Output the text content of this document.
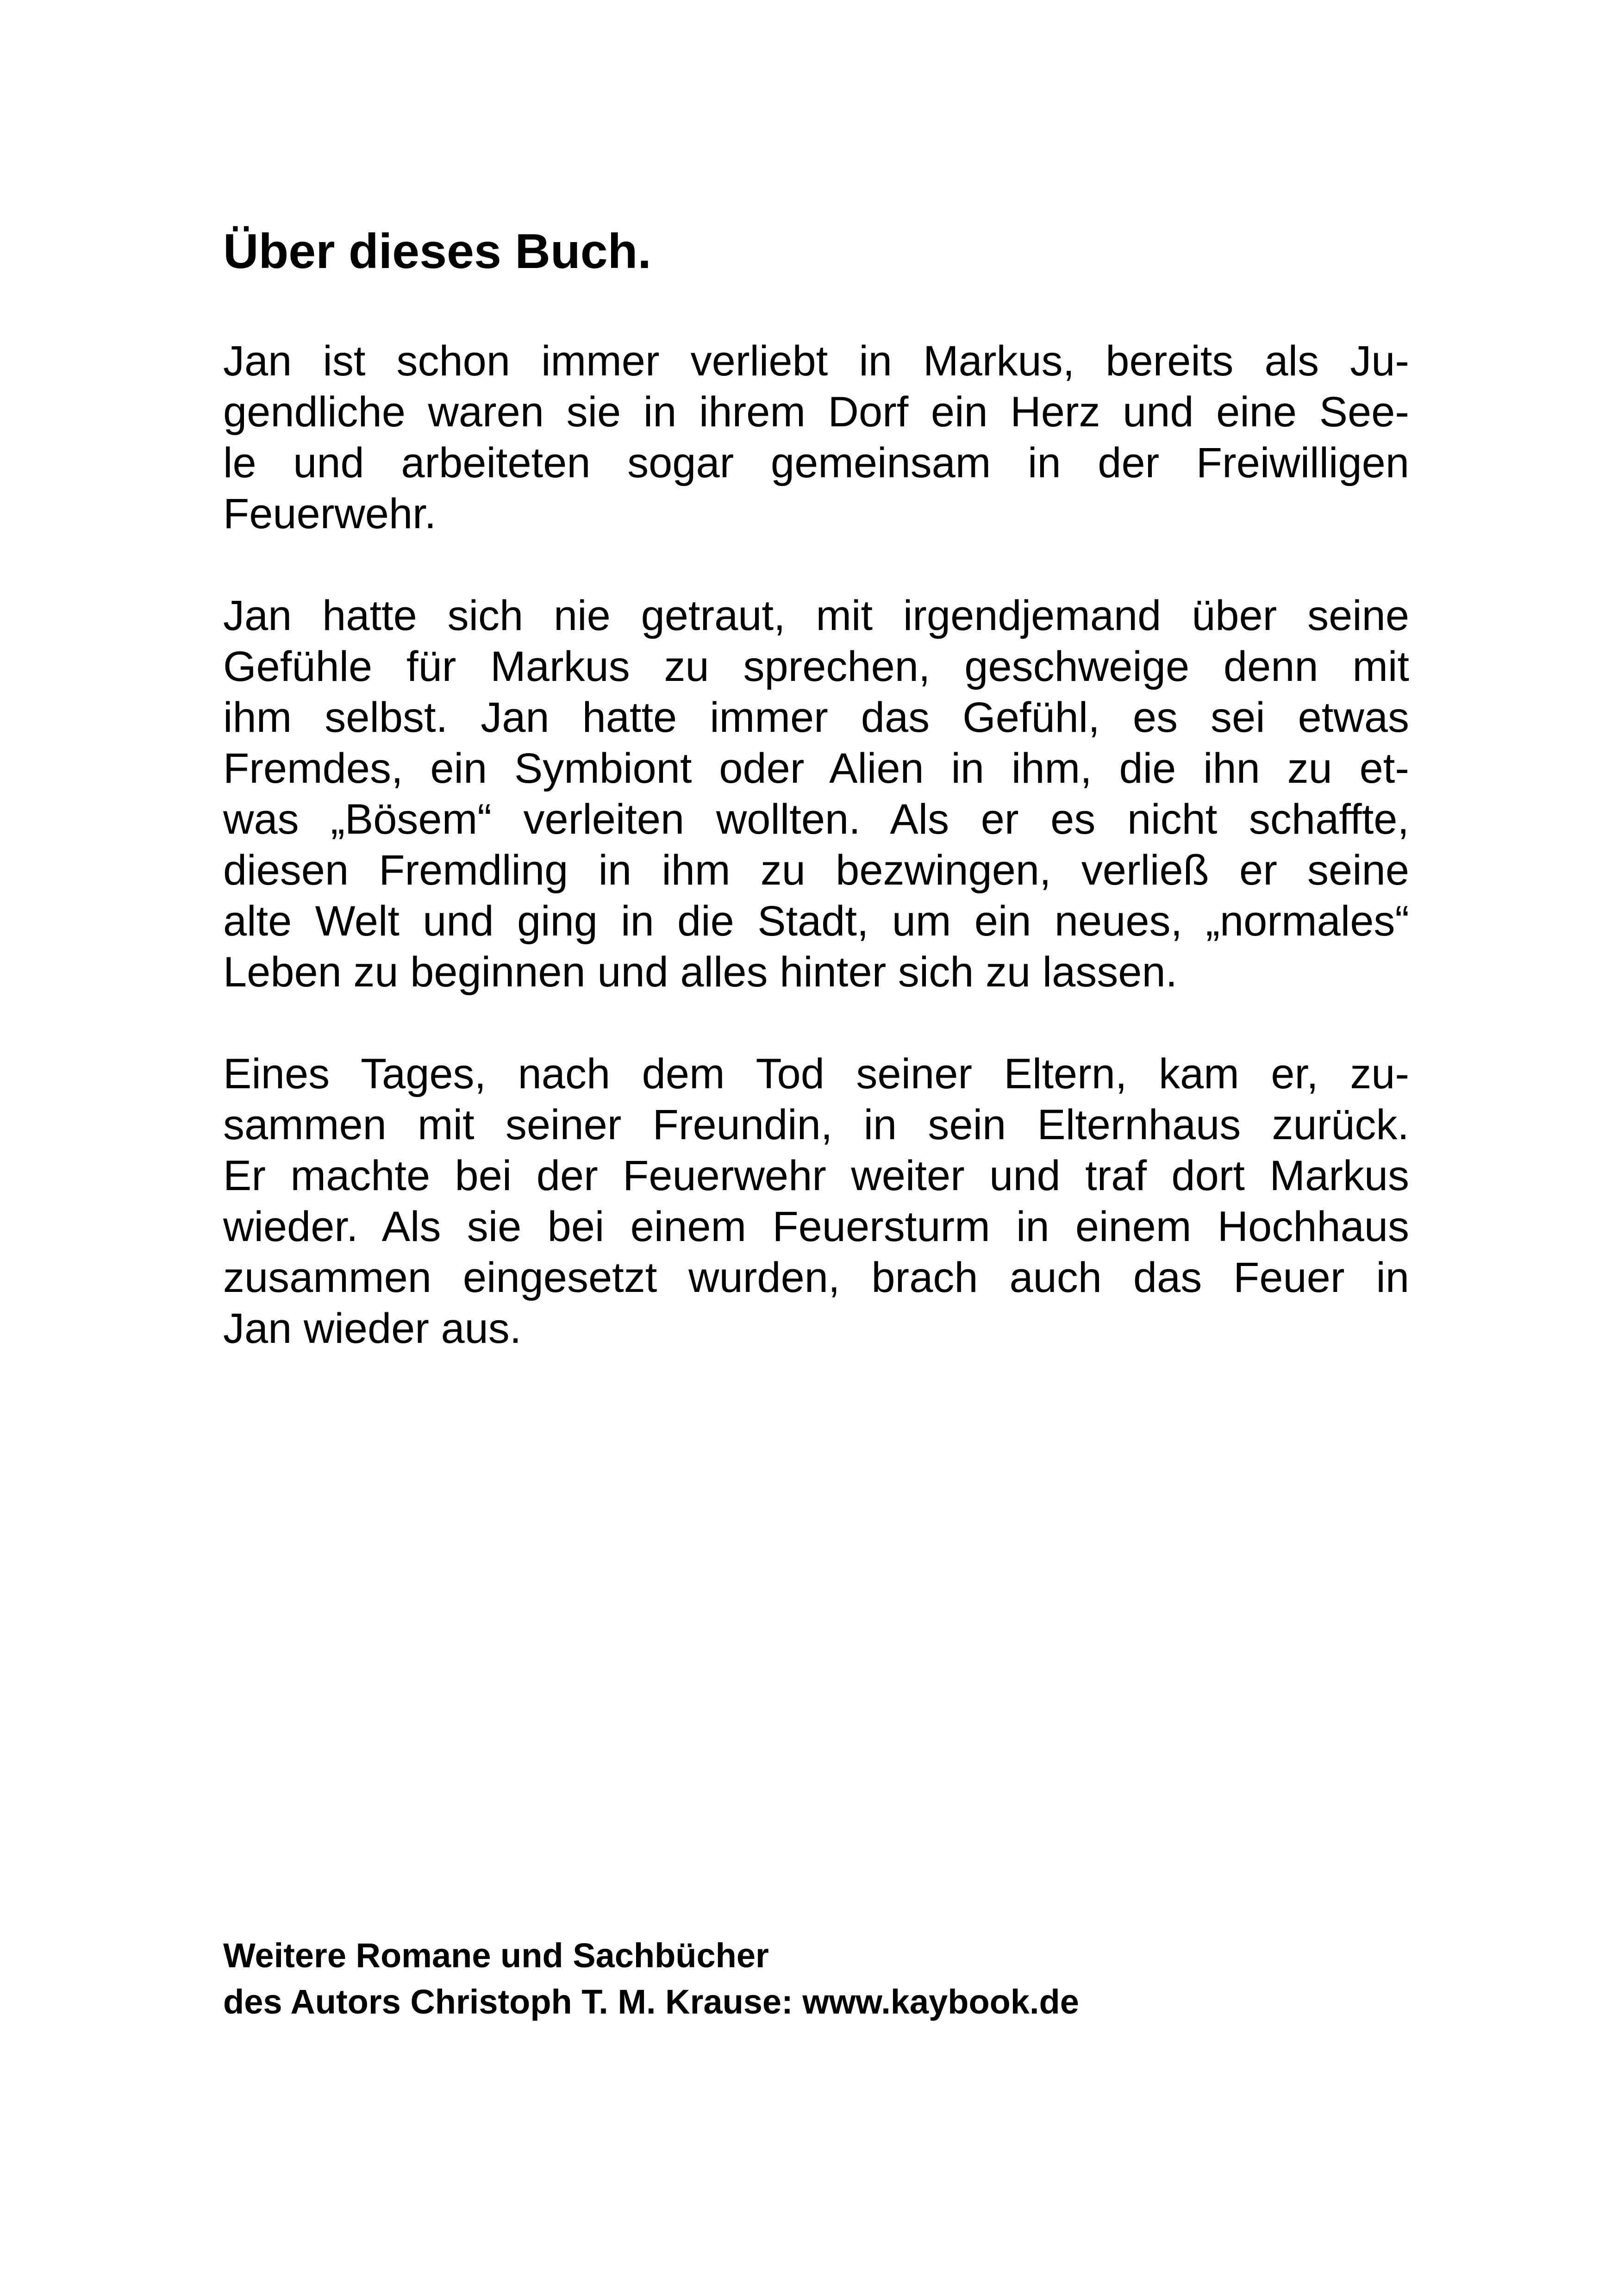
Über dieses Buch.

Jan ist schon immer verliebt in Markus, bereits als Ju-
gendliche waren sie in ihrem Dorf ein Herz und eine See-
le und arbeiteten sogar gemeinsam in der Freiwilligen
Feuerwehr.

Jan hatte sich nie getraut, mit irgendjemand über seine
Gefühle für Markus zu sprechen, geschweige denn mit
ihm selbst. Jan hatte immer das Gefühl, es sei etwas
Fremdes, ein Symbiont oder Alien in ihm, die ihn zu et-
was „Bösem“ verleiten wollten. Als er es nicht schaffte,
diesen Fremdling in ihm zu bezwingen, verließ er seine
alte Welt und ging in die Stadt, um ein neues, „normales“
Leben zu beginnen und alles hinter sich zu lassen.

Eines Tages, nach dem Tod seiner Eltern, kam er, zu-
sammen mit seiner Freundin, in sein Elternhaus zurück.
Er machte bei der Feuerwehr weiter und traf dort Markus
wieder. Als sie bei einem Feuersturm in einem Hochhaus
zusammen eingesetzt wurden, brach auch das Feuer in
Jan wieder aus.

Weitere Romane und Sachbücher
des Autors Christoph T. M. Krause: www.kaybook.de
